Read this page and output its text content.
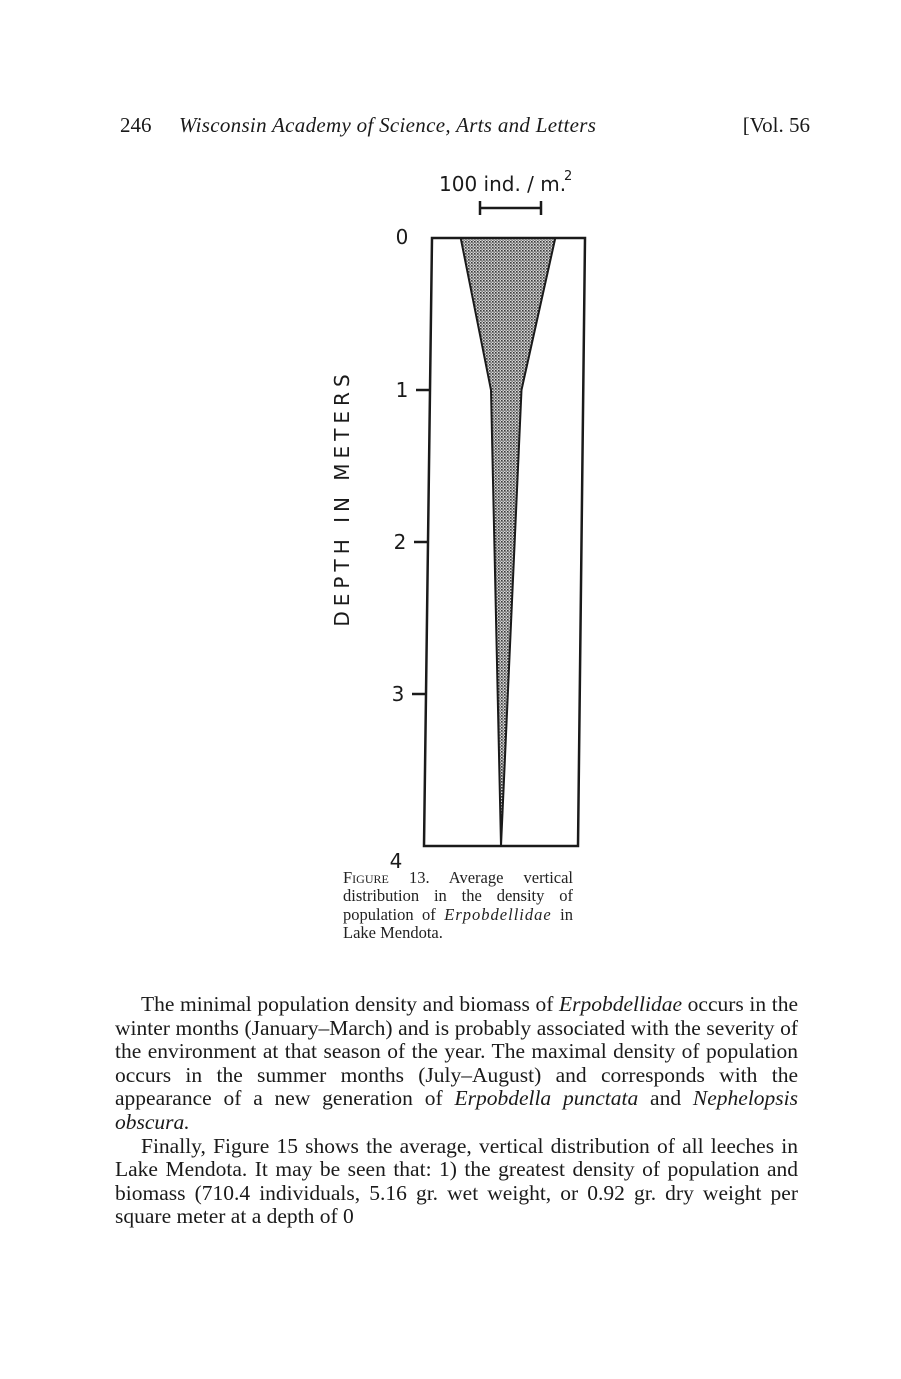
246 Wisconsin Academy of Science, Arts and Letters	[Vol. 56
100 ind. / m.
2
0
1
2
3
4
DEPTH IN METERS
Figure 13. Average vertical distribution in the density of population of Erpobdellidae in Lake Mendota.

The minimal population density and biomass of Erpobdellidae occurs in the winter months (January–March) and is probably associated with the severity of the environment at that season of the year. The maximal density of population occurs in the summer months (July–August) and corresponds with the appearance of a new generation of Erpobdella punctata and Nephelopsis obscura.

Finally, Figure 15 shows the average, vertical distribution of all leeches in Lake Mendota. It may be seen that: 1) the greatest density of population and biomass (710.4 individuals, 5.16 gr. wet weight, or 0.92 gr. dry weight per square meter at a depth of 0
